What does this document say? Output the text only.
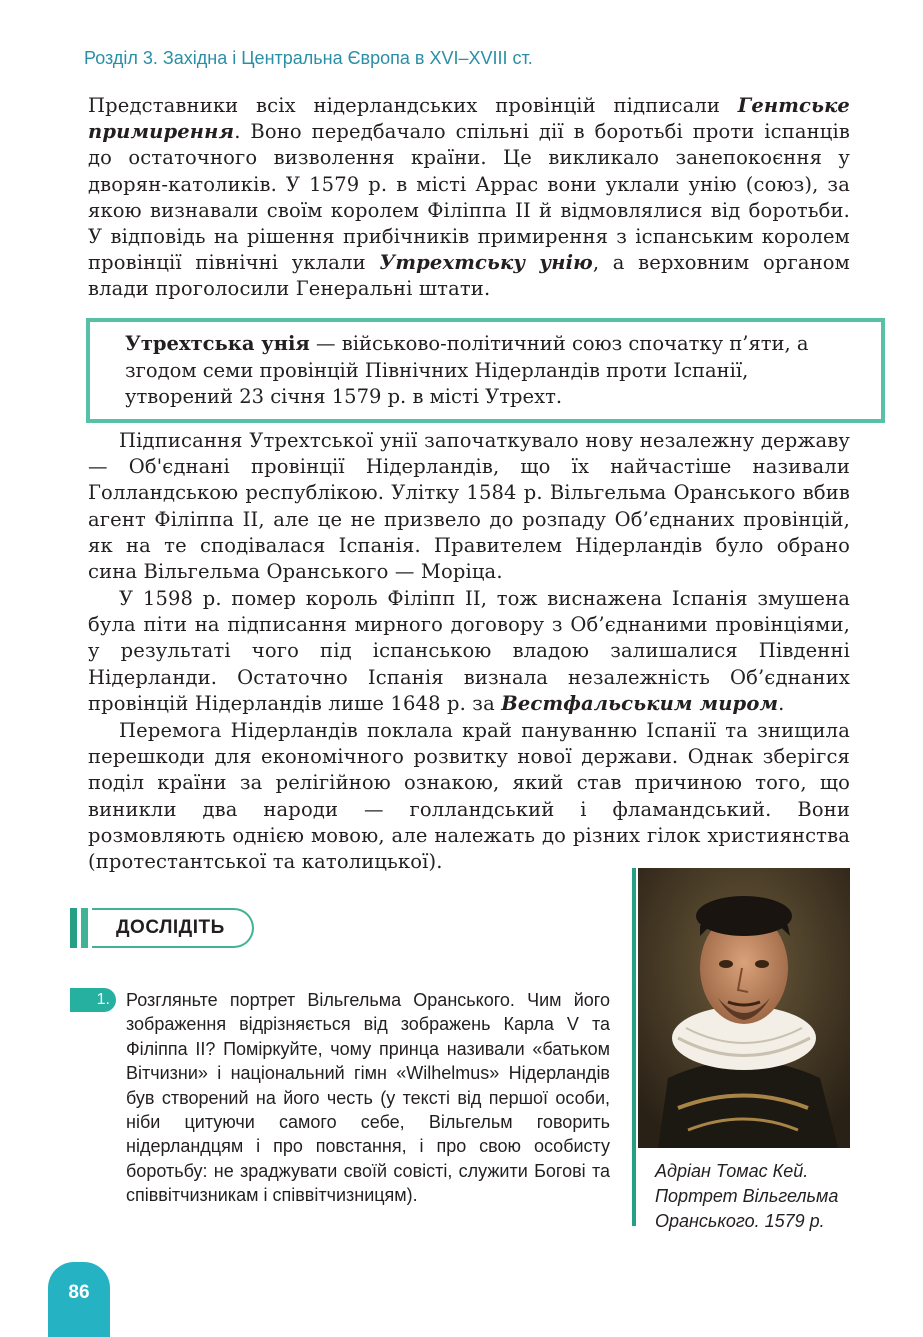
Розділ 3. Західна і Центральна Європа в XVI–XVIII ст.

Представники всіх нідерландських провінцій підписали Гентське примирення. Воно передбачало спільні дії в боротьбі проти іспанців до остаточного визволення країни. Це викликало занепокоєння у дворян-католиків. У 1579 р. в місті Аррас вони уклали унію (союз), за якою визнавали своїм королем Філіппа II й відмовлялися від боротьби. У відповідь на рішення прибічників примирення з іспанським королем провінції північні уклали Утрехтську унію, а верховним органом влади проголосили Генеральні штати.

Утрехтська унія — військово-політичний союз спочатку п’яти, а згодом семи провінцій Північних Нідерландів проти Іспанії, утворений 23 січня 1579 р. в місті Утрехт.

Підписання Утрехтської унії започаткувало нову незалежну державу — Об'єднані провінції Нідерландів, що їх найчастіше називали Голландською республікою. Улітку 1584 р. Вільгельма Оранського вбив агент Філіппа II, але це не призвело до розпаду Об’єднаних провінцій, як на те сподівалася Іспанія. Правителем Нідерландів було обрано сина Вільгельма Оранського — Моріца.

У 1598 р. помер король Філіпп II, тож виснажена Іспанія змушена була піти на підписання мирного договору з Об’єднаними провінціями, у результаті чого під іспанською владою залишалися Південні Нідерланди. Остаточно Іспанія визнала незалежність Об’єднаних провінцій Нідерландів лише 1648 р. за Вестфальським миром.

Перемога Нідерландів поклала край пануванню Іспанії та знищила перешкоди для економічного розвитку нової держави. Однак зберігся поділ країни за релігійною ознакою, який став причиною того, що виникли два народи — голландський і фламандський. Вони розмовляють однією мовою, але належать до різних гілок християнства (протестантської та католицької).

ДОСЛІДІТЬ
1. Розгляньте портрет Вільгельма Оранського. Чим його зображення відрізняється від зображень Карла V та Філіппа II? Поміркуйте, чому принца називали «батьком Вітчизни» і національний гімн «Wilhelmus» Нідерландів був створений на його честь (у тексті від першої особи, ніби цитуючи самого себе, Вільгельм говорить нідерландцям і про повстання, і про свою особисту боротьбу: не зраджувати своїй совісті, служити Богові та співвітчизникам і співвітчизницям).

Адріан Томас Кей.
Портрет Вільгельма
Оранського. 1579 р.
86
